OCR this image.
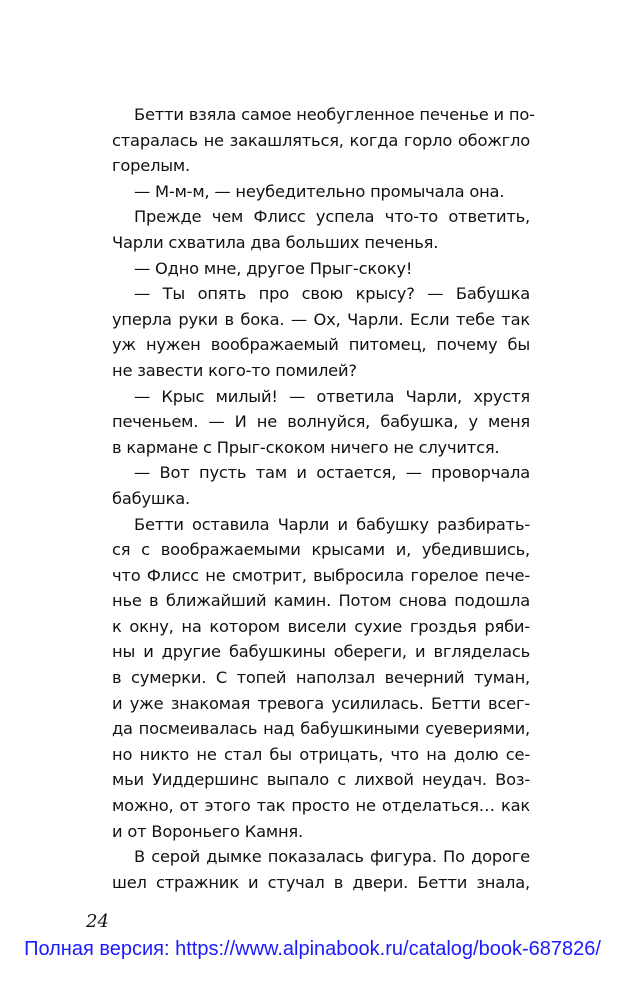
Бетти взяла самое необугленное печенье и по-
старалась не закашляться, когда горло обожгло
горелым.
— М-м-м, — неубедительно промычала она.
Прежде чем Флисс успела что-то ответить,
Чарли схватила два больших печенья.
— Одно мне, другое Прыг-скоку!
— Ты опять про свою крысу? — Бабушка
уперла руки в бока. — Ох, Чарли. Если тебе так
уж нужен воображаемый питомец, почему бы
не завести кого-то помилей?
— Крыс милый! — ответила Чарли, хрустя
печеньем. — И не волнуйся, бабушка, у меня
в кармане с Прыг-скоком ничего не случится.
— Вот пусть там и остается, — проворчала
бабушка.
Бетти оставила Чарли и бабушку разбирать-
ся с воображаемыми крысами и, убедившись,
что Флисс не смотрит, выбросила горелое пече-
нье в ближайший камин. Потом снова подошла
к окну, на котором висели сухие гроздья ряби-
ны и другие бабушкины обереги, и вгляделась
в сумерки. С топей наползал вечерний туман,
и уже знакомая тревога усилилась. Бетти всег-
да посмеивалась над бабушкиными суевериями,
но никто не стал бы отрицать, что на долю се-
мьи Уиддершинс выпало с лихвой неудач. Воз-
можно, от этого так просто не отделаться… как
и от Вороньего Камня.
В серой дымке показалась фигура. По дороге
шел стражник и стучал в двери. Бетти знала,
24
Полная версия: https://www.alpinabook.ru/catalog/book-687826/
